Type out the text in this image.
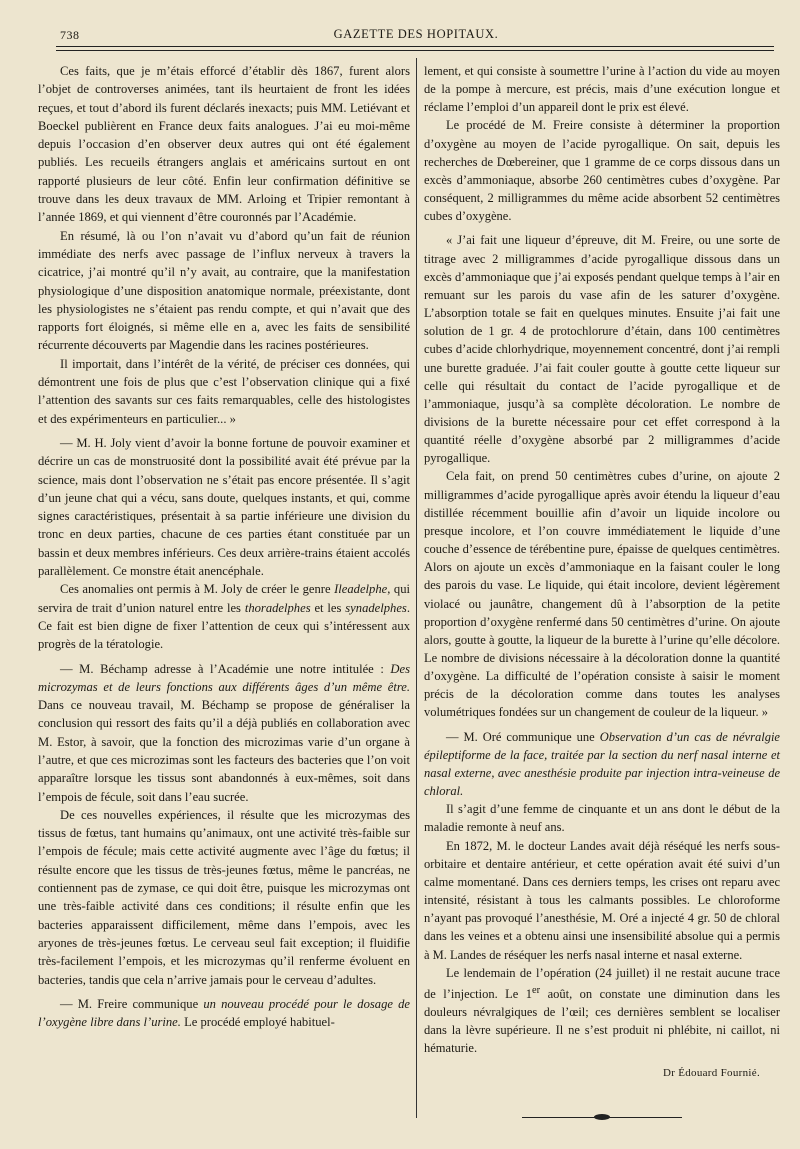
738	GAZETTE DES HOPITAUX.

Ces faits, que je m’étais efforcé d’établir dès 1867, furent alors l’objet de controverses animées, tant ils heurtaient de front les idées reçues, et tout d’abord ils furent déclarés inexacts; puis MM. Letiévant et Boeckel publièrent en France deux faits analogues. J’ai eu moi-même depuis l’occasion d’en observer deux autres qui ont été également publiés. Les recueils étrangers anglais et américains surtout en ont rapporté plusieurs de leur côté. Enfin leur confirmation définitive se trouve dans les deux travaux de MM. Arloing et Tripier remontant à l’année 1869, et qui viennent d’être couronnés par l’Académie.

En résumé, là ou l’on n’avait vu d’abord qu’un fait de réunion immédiate des nerfs avec passage de l’influx nerveux à travers la cicatrice, j’ai montré qu’il n’y avait, au contraire, que la manifestation physiologique d’une disposition anatomique normale, préexistante, dont les physiologistes ne s’étaient pas rendu compte, et qui n’avait que des rapports fort éloignés, si même elle en a, avec les faits de sensibilité récurrente découverts par Magendie dans les racines postérieures.

Il importait, dans l’intérêt de la vérité, de préciser ces données, qui démontrent une fois de plus que c’est l’observation clinique qui a fixé l’attention des savants sur ces faits remarquables, celle des histologistes et des expérimenteurs en particulier... »

— M. H. Joly vient d’avoir la bonne fortune de pouvoir examiner et décrire un cas de monstruosité dont la possibilité avait été prévue par la science, mais dont l’observation ne s’était pas encore présentée. Il s’agit d’un jeune chat qui a vécu, sans doute, quelques instants, et qui, comme signes caractéristiques, présentait à sa partie inférieure une division du tronc en deux parties, chacune de ces parties étant constituée par un bassin et deux membres inférieurs. Ces deux arrière-trains étaient accolés parallèlement. Ce monstre était anencéphale.

Ces anomalies ont permis à M. Joly de créer le genre Ileadelphe, qui servira de trait d’union naturel entre les thoradelphes et les synadelphes. Ce fait est bien digne de fixer l’attention de ceux qui s’intéressent aux progrès de la tératologie.

— M. Béchamp adresse à l’Académie une notre intitulée : Des microzymas et de leurs fonctions aux différents âges d’un même être. Dans ce nouveau travail, M. Béchamp se propose de généraliser la conclusion qui ressort des faits qu’il a déjà publiés en collaboration avec M. Estor, à savoir, que la fonction des microzimas varie d’un organe à l’autre, et que ces microzimas sont les facteurs des bacteries que l’on voit apparaître lorsque les tissus sont abandonnés à eux-mêmes, soit dans l’empois de fécule, soit dans l’eau sucrée.

De ces nouvelles expériences, il résulte que les microzymas des tissus de fœtus, tant humains qu’animaux, ont une activité très-faible sur l’empois de fécule; mais cette activité augmente avec l’âge du fœtus; il résulte encore que les tissus de très-jeunes fœtus, même le pancréas, ne contiennent pas de zymase, ce qui doit être, puisque les microzymas ont une très-faible activité dans ces conditions; il résulte enfin que les bacteries apparaissent difficilement, même dans l’empois, avec les aryones de très-jeunes fœtus. Le cerveau seul fait exception; il fluidifie très-facilement l’empois, et les microzymas qu’il renferme évoluent en bacteries, tandis que cela n’arrive jamais pour le cerveau d’adultes.

— M. Freire communique un nouveau procédé pour le dosage de l’oxygène libre dans l’urine. Le procédé employé habituel-

lement, et qui consiste à soumettre l’urine à l’action du vide au moyen de la pompe à mercure, est précis, mais d’une exécution longue et réclame l’emploi d’un appareil dont le prix est élevé.

Le procédé de M. Freire consiste à déterminer la proportion d’oxygène au moyen de l’acide pyrogallique. On sait, depuis les recherches de Dœbereiner, que 1 gramme de ce corps dissous dans un excès d’ammoniaque, absorbe 260 centimètres cubes d’oxygène. Par conséquent, 2 milligrammes du même acide absorbent 52 centimètres cubes d’oxygène.

« J’ai fait une liqueur d’épreuve, dit M. Freire, ou une sorte de titrage avec 2 milligrammes d’acide pyrogallique dissous dans un excès d’ammoniaque que j’ai exposés pendant quelque temps à l’air en remuant sur les parois du vase afin de les saturer d’oxygène. L’absorption totale se fait en quelques minutes. Ensuite j’ai fait une solution de 1 gr. 4 de protochlorure d’étain, dans 100 centimètres cubes d’acide chlorhydrique, moyennement concentré, dont j’ai rempli une burette graduée. J’ai fait couler goutte à goutte cette liqueur sur celle qui résultait du contact de l’acide pyrogallique et de l’ammoniaque, jusqu’à sa complète décoloration. Le nombre de divisions de la burette nécessaire pour cet effet correspond à la quantité réelle d’oxygène absorbé par 2 milligrammes d’acide pyrogallique.

Cela fait, on prend 50 centimètres cubes d’urine, on ajoute 2 milligrammes d’acide pyrogallique après avoir étendu la liqueur d’eau distillée récemment bouillie afin d’avoir un liquide incolore ou presque incolore, et l’on couvre immédiatement le liquide d’une couche d’essence de térébentine pure, épaisse de quelques centimètres. Alors on ajoute un excès d’ammoniaque en la faisant couler le long des parois du vase. Le liquide, qui était incolore, devient légèrement violacé ou jaunâtre, changement dû à l’absorption de la petite proportion d’oxygène renfermé dans 50 centimètres d’urine. On ajoute alors, goutte à goutte, la liqueur de la burette à l’urine qu’elle décolore. Le nombre de divisions nécessaire à la décoloration donne la quantité d’oxygène. La difficulté de l’opération consiste à saisir le moment précis de la décoloration comme dans toutes les analyses volumétriques fondées sur un changement de couleur de la liqueur. »

— M. Oré communique une Observation d’un cas de névralgie épileptiforme de la face, traitée par la section du nerf nasal interne et nasal externe, avec anesthésie produite par injection intra-veineuse de chloral.

Il s’agit d’une femme de cinquante et un ans dont le début de la maladie remonte à neuf ans.

En 1872, M. le docteur Landes avait déjà réséqué les nerfs sous-orbitaire et dentaire antérieur, et cette opération avait été suivi d’un calme momentané. Dans ces derniers temps, les crises ont reparu avec intensité, résistant à tous les calmants possibles. Le chloroforme n’ayant pas provoqué l’anesthésie, M. Oré a injecté 4 gr. 50 de chloral dans les veines et a obtenu ainsi une insensibilité absolue qui a permis à M. Landes de réséquer les nerfs nasal interne et nasal externe.

Le lendemain de l’opération (24 juillet) il ne restait aucune trace de l’injection. Le 1er août, on constate une diminution dans les douleurs névralgiques de l’œil; ces dernières semblent se localiser dans la lèvre supérieure. Il ne s’est produit ni phlébite, ni caillot, ni hématurie.

Dr Édouard Fournié.
